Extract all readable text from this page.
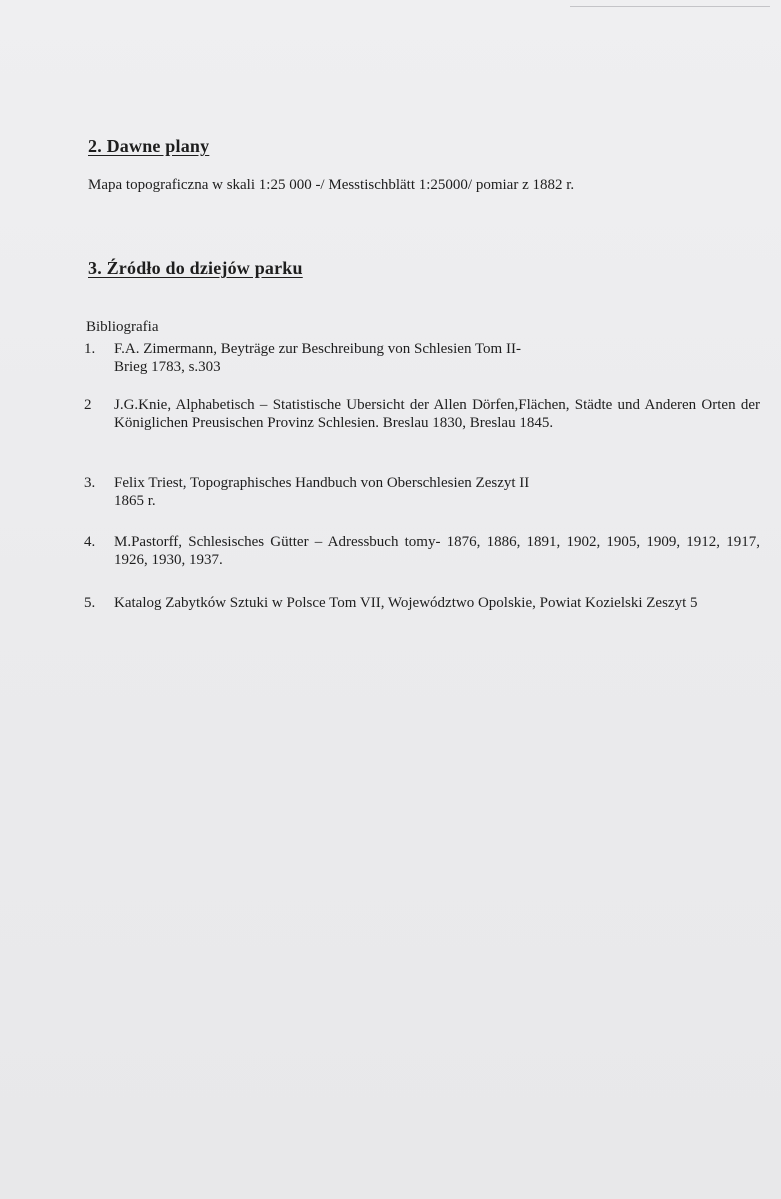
2. Dawne plany

Mapa topograficzna w skali 1:25 000 -/ Messtischblätt 1:25000/ pomiar z 1882 r.

3. Źródło do dziejów parku

Bibliografia

1.	F.A. Zimermann, Beyträge zur Beschreibung von Schlesien Tom II-Brieg 1783, s.303
2	J.G.Knie, Alphabetisch – Statistische Ubersicht der Allen Dörfen,Flächen, Städte und Anderen Orten der Königlichen Preusischen Provinz Schlesien. Breslau 1830, Breslau 1845.
3.	Felix Triest, Topographisches Handbuch von Oberschlesien Zeszyt II 1865 r.
4.	M.Pastorff, Schlesisches Gütter – Adressbuch tomy- 1876, 1886, 1891, 1902, 1905, 1909, 1912, 1917, 1926, 1930, 1937.
5.	Katalog Zabytków Sztuki w Polsce Tom VII, Województwo Opolskie, Powiat Kozielski Zeszyt 5
